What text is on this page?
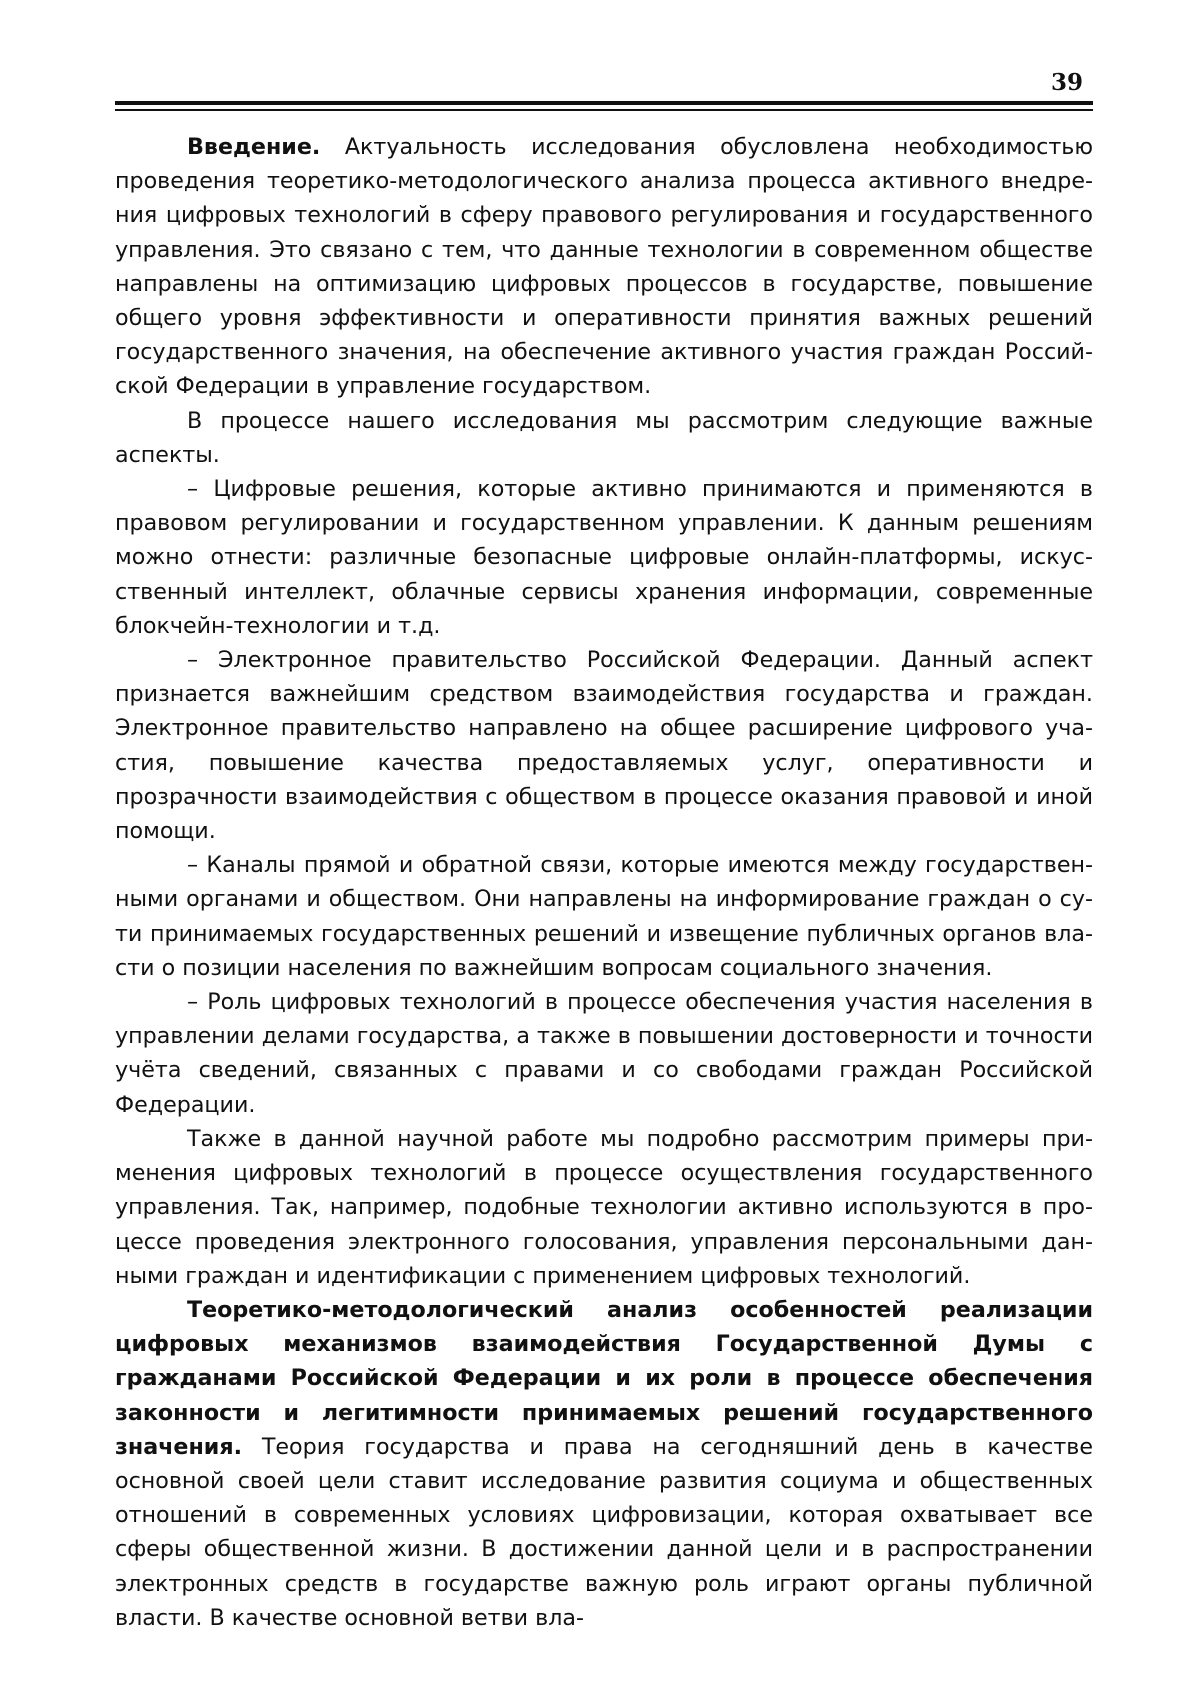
39

Введение. Актуальность исследования обусловлена необходимостью проведения теоретико-методологического анализа процесса активного внедрения цифровых технологий в сферу правового регулирования и государственного управления. Это связано с тем, что данные технологии в современном обществе направлены на оптимизацию цифровых процессов в государстве, повышение общего уровня эффективности и оперативности принятия важных решений государственного значения, на обеспечение активного участия граждан Российской Федерации в управление государством.

В процессе нашего исследования мы рассмотрим следующие важные аспекты.

– Цифровые решения, которые активно принимаются и применяются в правовом регулировании и государственном управлении. К данным решениям можно отнести: различные безопасные цифровые онлайн-платформы, искусственный интеллект, облачные сервисы хранения информации, современные блокчейн-технологии и т.д.

– Электронное правительство Российской Федерации. Данный аспект признается важнейшим средством взаимодействия государства и граждан. Электронное правительство направлено на общее расширение цифрового участия, повышение качества предоставляемых услуг, оперативности и прозрачности взаимодействия с обществом в процессе оказания правовой и иной помощи.

– Каналы прямой и обратной связи, которые имеются между государственными органами и обществом. Они направлены на информирование граждан о сути принимаемых государственных решений и извещение публичных органов власти о позиции населения по важнейшим вопросам социального значения.

– Роль цифровых технологий в процессе обеспечения участия населения в управлении делами государства, а также в повышении достоверности и точности учёта сведений, связанных с правами и со свободами граждан Российской Федерации.

Также в данной научной работе мы подробно рассмотрим примеры применения цифровых технологий в процессе осуществления государственного управления. Так, например, подобные технологии активно используются в процессе проведения электронного голосования, управления персональными данными граждан и идентификации с применением цифровых технологий.

Теоретико-методологический анализ особенностей реализации цифровых механизмов взаимодействия Государственной Думы с гражданами Российской Федерации и их роли в процессе обеспечения законности и легитимности принимаемых решений государственного значения. Теория государства и права на сегодняшний день в качестве основной своей цели ставит исследование развития социума и общественных отношений в современных условиях цифровизации, которая охватывает все сферы общественной жизни. В достижении данной цели и в распространении электронных средств в государстве важную роль играют органы публичной власти. В качестве основной ветви вла-
